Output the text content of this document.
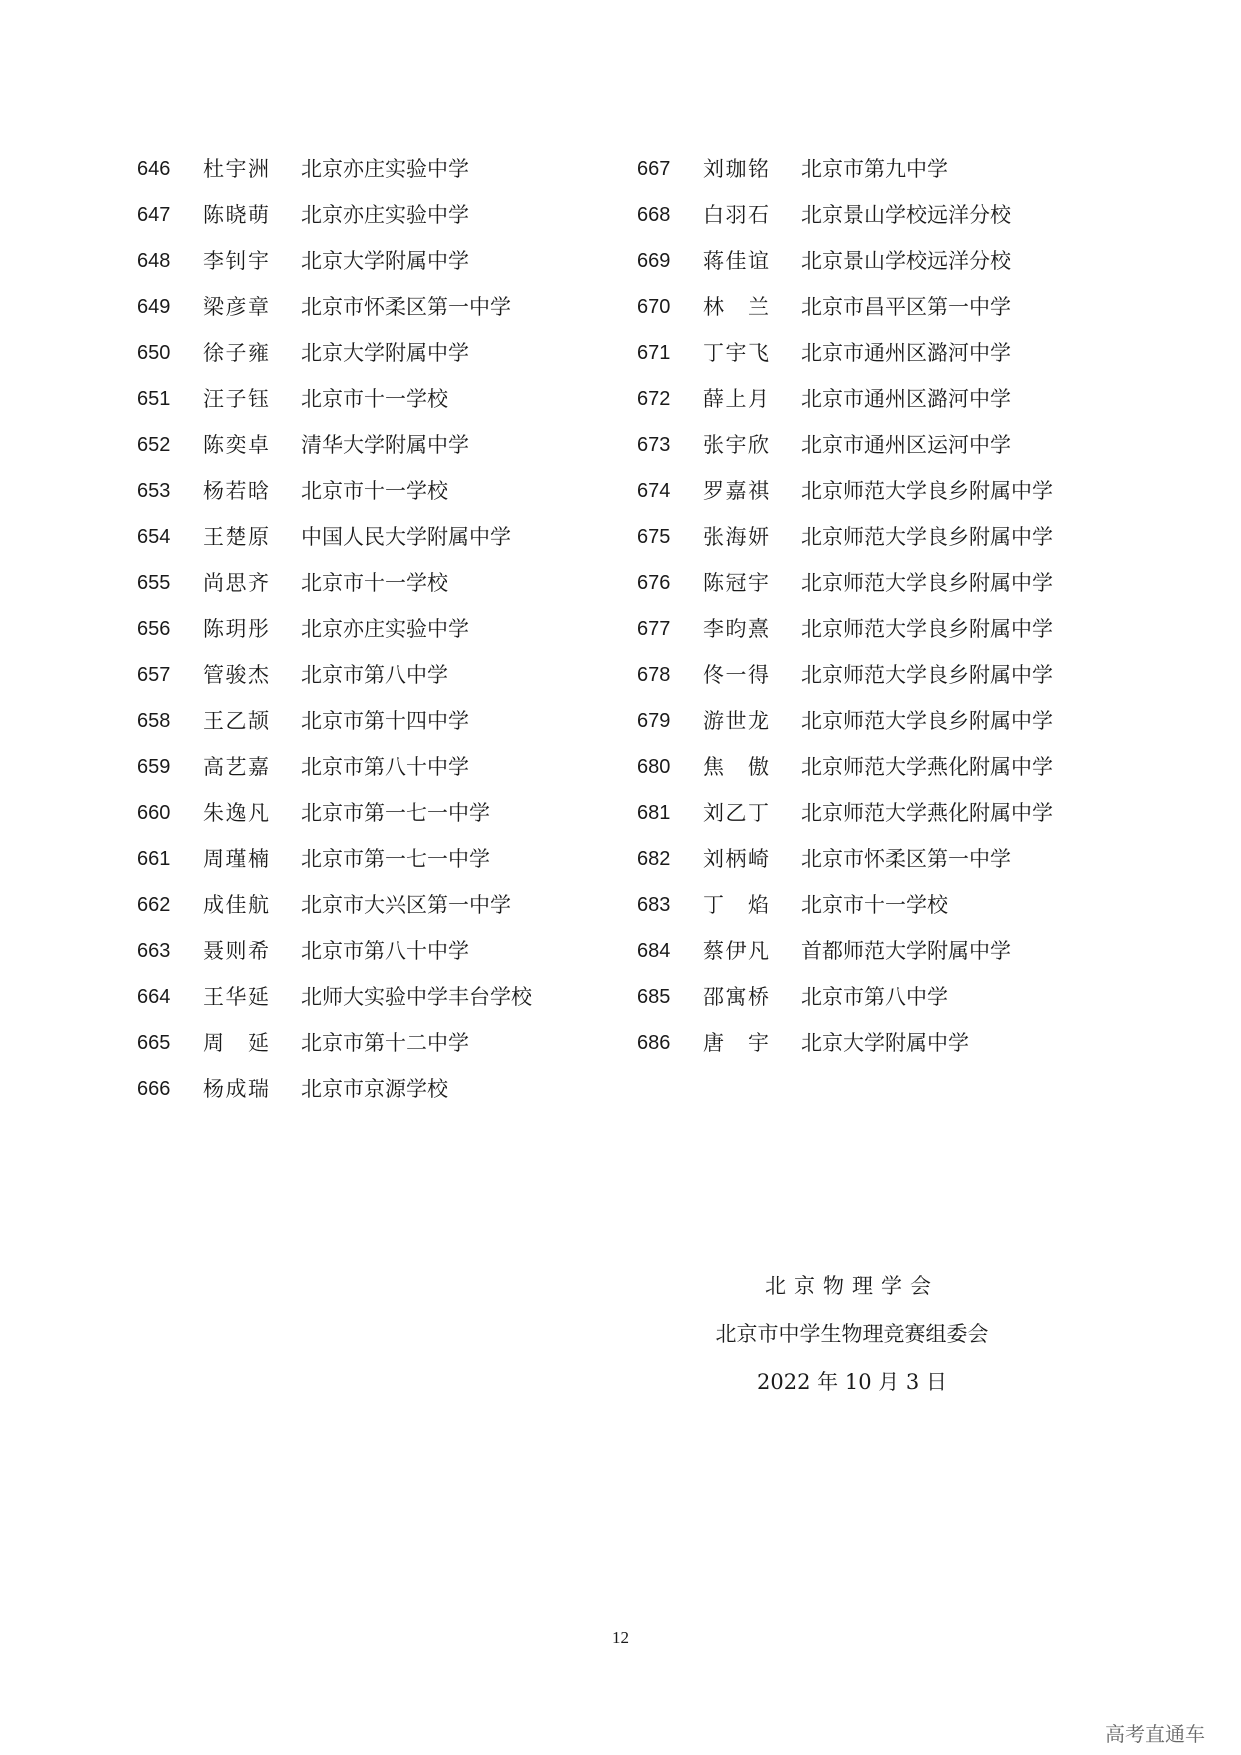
646 杜宇洲 北京亦庄实验中学
647 陈晓萌 北京亦庄实验中学
648 李钊宇 北京大学附属中学
649 梁彦章 北京市怀柔区第一中学
650 徐子雍 北京大学附属中学
651 汪子钰 北京市十一学校
652 陈奕卓 清华大学附属中学
653 杨若晗 北京市十一学校
654 王楚原 中国人民大学附属中学
655 尚思齐 北京市十一学校
656 陈玥彤 北京亦庄实验中学
657 管骏杰 北京市第八中学
658 王乙颉 北京市第十四中学
659 高艺嘉 北京市第八十中学
660 朱逸凡 北京市第一七一中学
661 周瑾楠 北京市第一七一中学
662 成佳航 北京市大兴区第一中学
663 聂则希 北京市第八十中学
664 王华延 北师大实验中学丰台学校
665 周延 北京市第十二中学
666 杨成瑞 北京市京源学校
667 刘珈铭 北京市第九中学
668 白羽石 北京景山学校远洋分校
669 蒋佳谊 北京景山学校远洋分校
670 林兰 北京市昌平区第一中学
671 丁宇飞 北京市通州区潞河中学
672 薛上月 北京市通州区潞河中学
673 张宇欣 北京市通州区运河中学
674 罗嘉祺 北京师范大学良乡附属中学
675 张海妍 北京师范大学良乡附属中学
676 陈冠宇 北京师范大学良乡附属中学
677 李昀熹 北京师范大学良乡附属中学
678 佟一得 北京师范大学良乡附属中学
679 游世龙 北京师范大学良乡附属中学
680 焦傲 北京师范大学燕化附属中学
681 刘乙丁 北京师范大学燕化附属中学
682 刘柄崎 北京市怀柔区第一中学
683 丁焰 北京市十一学校
684 蔡伊凡 首都师范大学附属中学
685 邵寓桥 北京市第八中学
686 唐宇 北京大学附属中学
北京物理学会
北京市中学生物理竞赛组委会
2022 年 10 月 3 日
12
高考直通车
